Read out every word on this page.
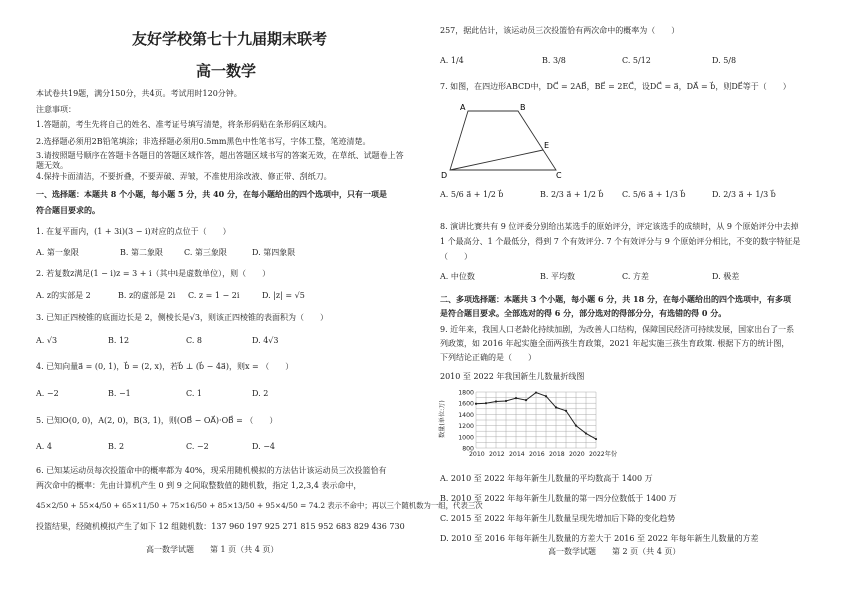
友好学校第七十九届期末联考
高一数学
本试卷共19题，满分150分，共4页。考试用时120分钟。
注意事项：
1.答题前，考生先将自己的姓名、准考证号填写清楚，将条形码贴在条形码区域内。
2.选择题必须用2B铅笔填涂；非选择题必须用0.5mm黑色中性笔书写，字体工整，笔迹清楚。
3.请按照题号顺序在答题卡各题目的答题区域作答，超出答题区域书写的答案无效，在草纸、试题卷上答题无效。
4.保持卡面清洁，不要折叠，不要弄破、弄皱，不准使用涂改液、修正带、刮纸刀。
一、选择题：本题共 8 个小题，每小题 5 分，共 40 分，在每小题给出的四个选项中，只有一项是
符合题目要求的。
1. 在复平面内，(1 + 3i)(3 − i)对应的点位于（　　）
A. 第一象限	B. 第二象限	C. 第三象限	D. 第四象限
2. 若复数z满足(1 − i)z = 3 + i（其中i是虚数单位），则（　　）
A. z的实部是 2	B. z的虚部是 2i C. z = 1 − 2i	D. |z| = √5
3. 已知正四棱锥的底面边长是 2，侧棱长是√3，则该正四棱锥的表面积为（　　）
A. √3	B. 12	C. 8	D. 4√3
4. 已知向量a⃗ = (0, 1)，b⃗ = (2, x)，若b⃗ ⊥ (b⃗ − 4a⃗)，则x = （　　）
A. −2	B. −1	C. 1	D. 2
5. 已知O(0, 0)，A(2, 0)，B(3, 1)，则(OB⃗ − OA⃗)·OB⃗ = （　　）
A. 4	B. 2	C. −2	D. −4
6. 已知某运动员每次投篮命中的概率都为 40%，现采用随机模拟的方法估计该运动员三次投篮恰有
两次命中的概率：先由计算机产生 0 到 9 之间取整数值的随机数，指定 1,2,3,4 表示命中，
45×2/50 + 55×4/50 + 65×11/50 + 75×16/50 + 85×13/50 + 95×4/50 = 74.2 表示不命中；再以三个随机数为一组，代表三次
投篮结果，经随机模拟产生了如下 12 组随机数：137 960 197 925 271 815 952 683 829 436 730
高一数学试题　　第 1 页（共 4 页）
257，据此估计，该运动员三次投篮恰有两次命中的概率为（　　）
A. 1/4	B. 3/8	C. 5/12	D. 5/8
7. 如图，在四边形ABCD中，DC⃗ = 2AB⃗，BE⃗ = 2EC⃗，设DC⃗ = a⃗，DA⃗ = b⃗，则DE⃗等于（　　）
A	B
E
D	C
A. 5/6 a⃗ + 1/2 b⃗	B. 2/3 a⃗ + 1/2 b⃗ C. 5/6 a⃗ + 1/3 b⃗	D. 2/3 a⃗ + 1/3 b⃗
8. 演讲比赛共有 9 位评委分别给出某选手的原始评分，评定该选手的成绩时，从 9 个原始评分中去掉
1 个最高分、1 个最低分，得到 7 个有效评分. 7 个有效评分与 9 个原始评分相比，不变的数字特征是
（　　）
A. 中位数	B. 平均数	C. 方差	D. 极差
二、多项选择题：本题共 3 个小题，每小题 6 分，共 18 分，在每小题给出的四个选项中，有多项
是符合题目要求。全部选对的得 6 分，部分选对的得部分分，有选错的得 0 分。
9. 近年来，我国人口老龄化持续加剧，为改善人口结构，保障国民经济可持续发展，国家出台了一系
列政策，如 2016 年起实施全面两孩生育政策，2021 年起实施三孩生育政策. 根据下方的统计图，
下列结论正确的是（　　）
2010 至 2022 年我国新生儿数量折线图
800
1000
1200
1400
1600
1800
2010 2012 2014 2016 2018 2020 2022年份
数量(单位:万)
A. 2010 至 2022 年每年新生儿数量的平均数高于 1400 万
B. 2010 至 2022 年每年新生儿数量的第一四分位数低于 1400 万
C. 2015 至 2022 年每年新生儿数量呈现先增加后下降的变化趋势
D. 2010 至 2016 年每年新生儿数量的方差大于 2016 至 2022 年每年新生儿数量的方差
高一数学试题　　第 2 页（共 4 页）
